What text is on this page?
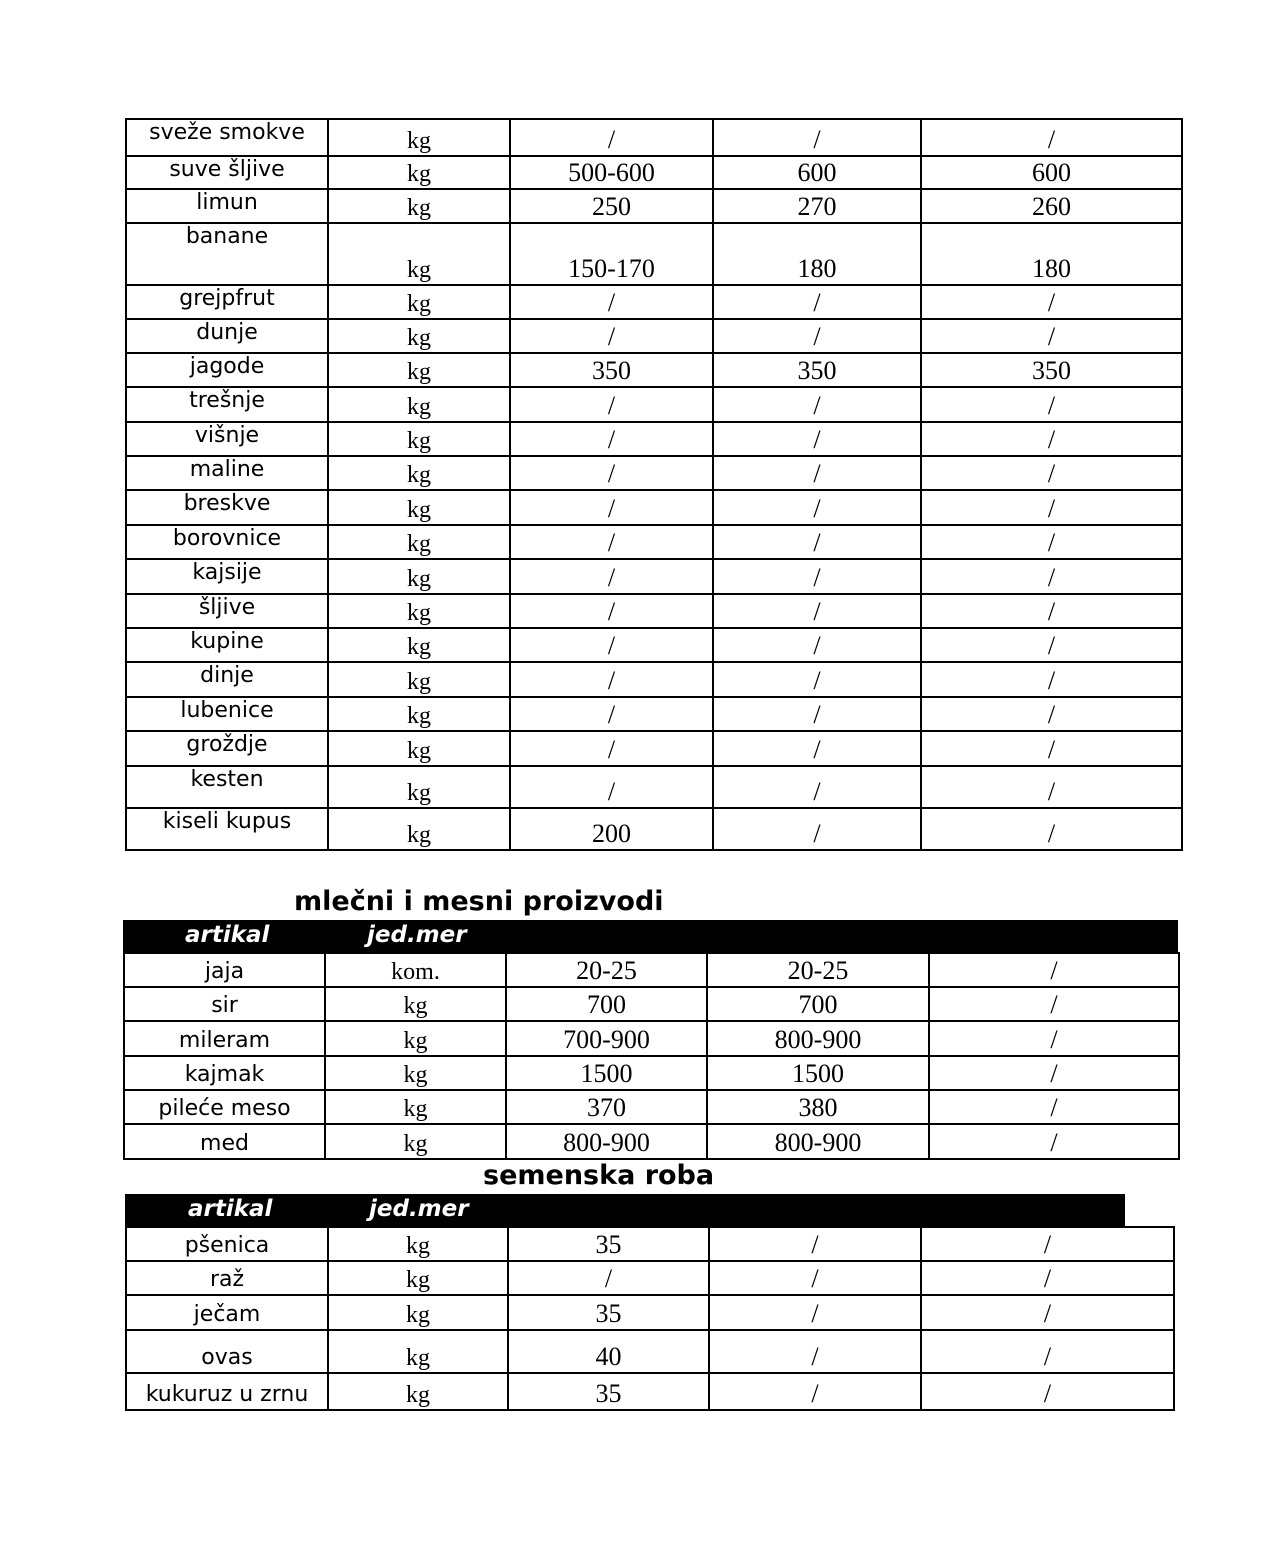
sveže smokve	kg	/	/	/
suve šljive	kg	500-600	600	600
limun	kg	250	270	260
banane	kg	150-170	180	180
grejpfrut	kg	/	/	/
dunje	kg	/	/	/
jagode	kg	350	350	350
trešnje	kg	/	/	/
višnje	kg	/	/	/
maline	kg	/	/	/
breskve	kg	/	/	/
borovnice	kg	/	/	/
kajsije	kg	/	/	/
šljive	kg	/	/	/
kupine	kg	/	/	/
dinje	kg	/	/	/
lubenice	kg	/	/	/
groždje	kg	/	/	/
kesten	kg	/	/	/
kiseli kupus	kg	200	/	/
mlečni i mesni proizvodi
artikal	jed.mer
jaja	kom.	20-25	20-25	/
sir	kg	700	700	/
mileram	kg	700-900	800-900	/
kajmak	kg	1500	1500	/
pileće meso	kg	370	380	/
med	kg	800-900	800-900	/
semenska roba
artikal	jed.mer
pšenica	kg	35	/	/
raž	kg	/	/	/
ječam	kg	35	/	/
ovas	kg	40	/	/
kukuruz u zrnu	kg	35	/	/
